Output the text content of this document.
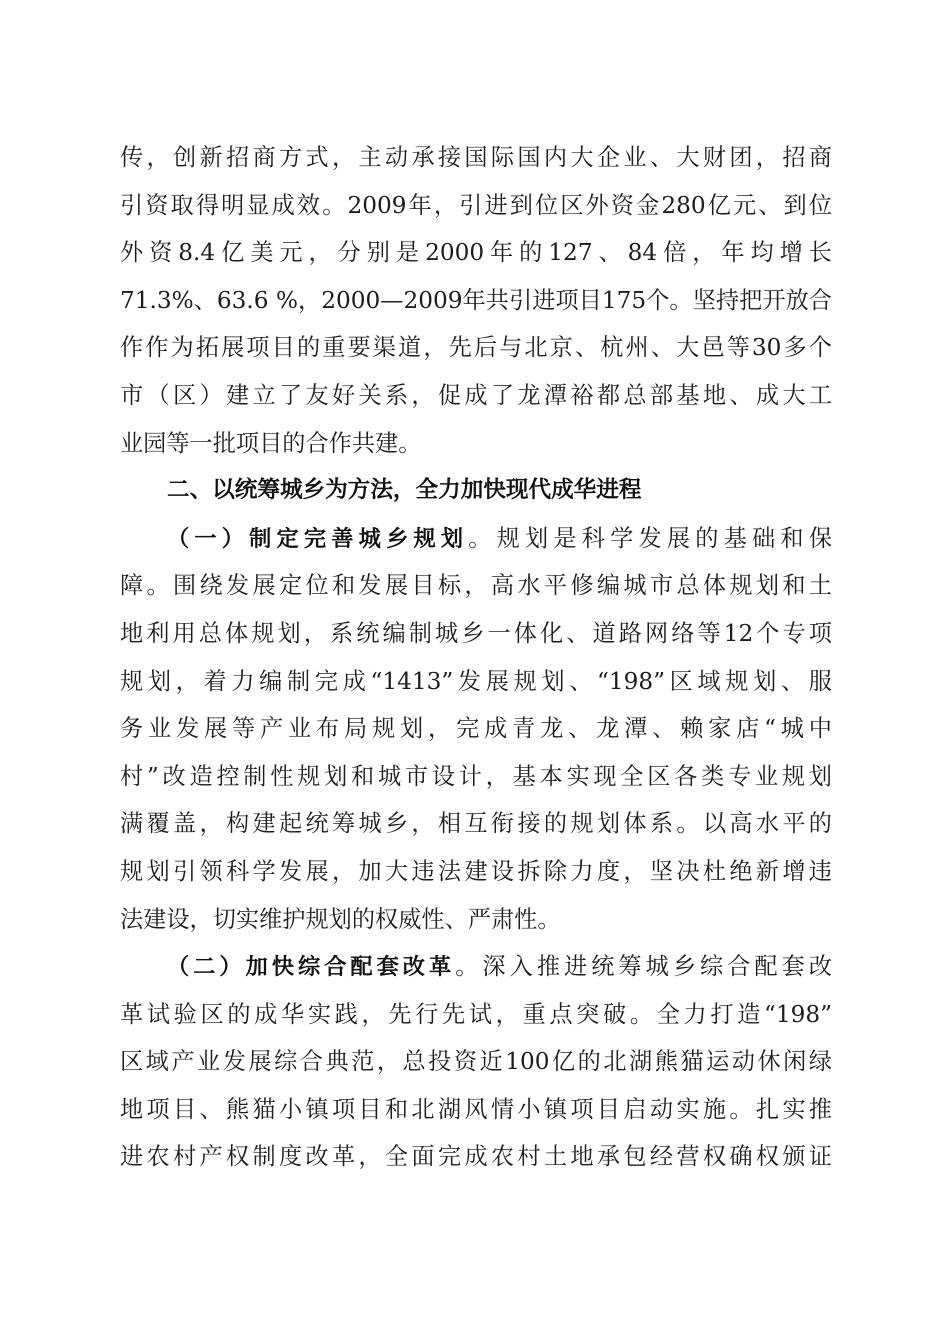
传，创新招商方式，主动承接国际国内大企业、大财团，招商
引资取得明显成效。2009年，引进到位区外资金280亿元、到位
外资8.4亿美元，分别是2000年的127、84倍，年均增长
71.3%、63.6 %，2000—2009年共引进项目175个。坚持把开放合
作作为拓展项目的重要渠道，先后与北京、杭州、大邑等30多个
市（区）建立了友好关系，促成了龙潭裕都总部基地、成大工
业园等一批项目的合作共建。
二、以统筹城乡为方法，全力加快现代成华进程
（一）制定完善城乡规划。规划是科学发展的基础和保
障。围绕发展定位和发展目标，高水平修编城市总体规划和土
地利用总体规划，系统编制城乡一体化、道路网络等12个专项
规划，着力编制完成“1413”发展规划、“198”区域规划、服
务业发展等产业布局规划，完成青龙、龙潭、赖家店“城中
村”改造控制性规划和城市设计，基本实现全区各类专业规划
满覆盖，构建起统筹城乡，相互衔接的规划体系。以高水平的
规划引领科学发展，加大违法建设拆除力度，坚决杜绝新增违
法建设，切实维护规划的权威性、严肃性。
（二）加快综合配套改革。深入推进统筹城乡综合配套改
革试验区的成华实践，先行先试，重点突破。全力打造“198”
区域产业发展综合典范，总投资近100亿的北湖熊猫运动休闲绿
地项目、熊猫小镇项目和北湖风情小镇项目启动实施。扎实推
进农村产权制度改革，全面完成农村土地承包经营权确权颁证
